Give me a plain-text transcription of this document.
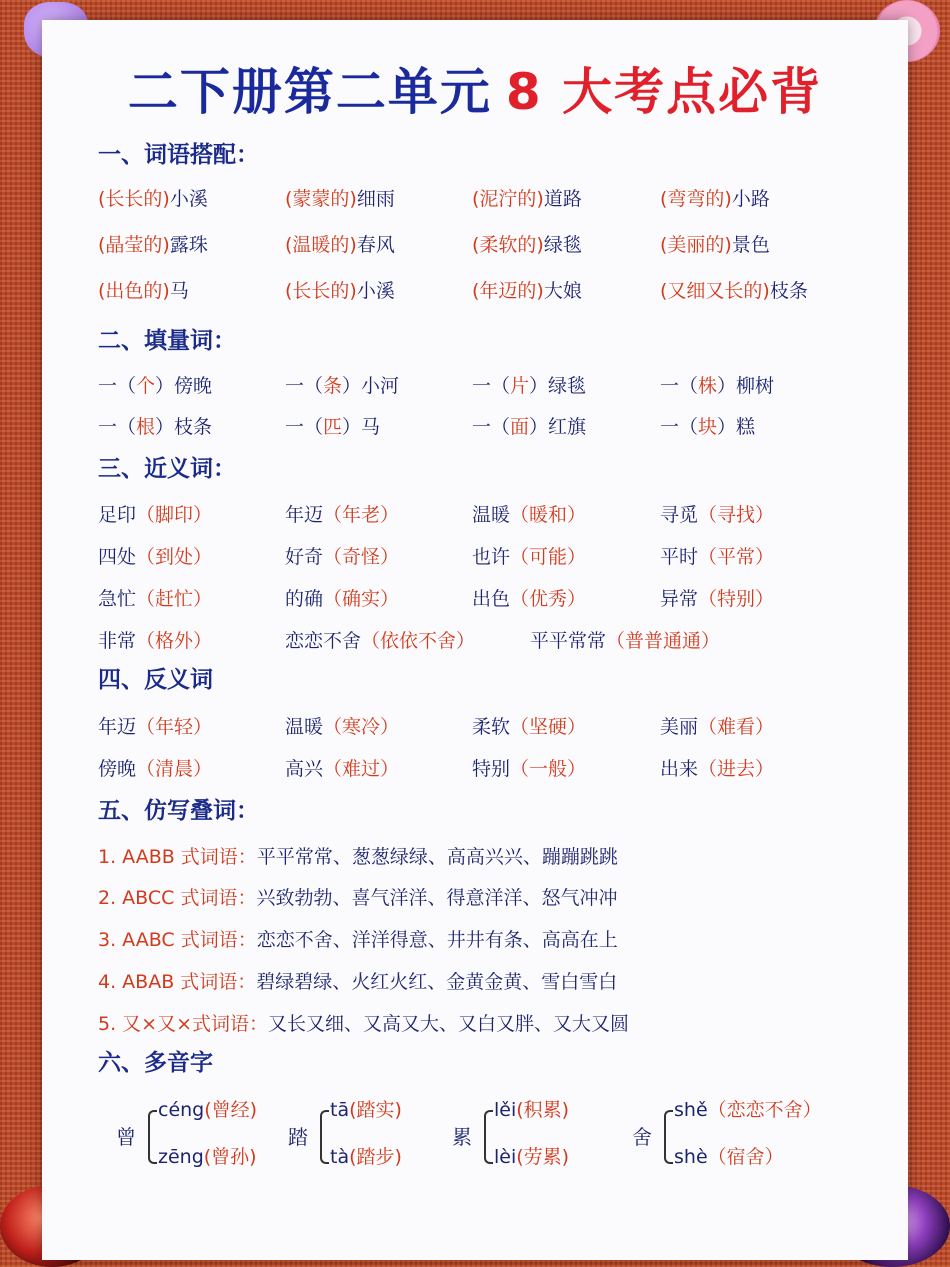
二下册第二单元 8 大考点必背
一、词语搭配：
(长长的)小溪	(蒙蒙的)细雨	(泥泞的)道路	(弯弯的)小路
(晶莹的)露珠	(温暖的)春风	(柔软的)绿毯	(美丽的)景色
(出色的)马	(长长的)小溪	(年迈的)大娘	(又细又长的)枝条
二、填量词：
一（个）傍晚	一（条）小河	一（片）绿毯	一（株）柳树
一（根）枝条	一（匹）马	一（面）红旗	一（块）糕
三、近义词：
足印（脚印）	年迈（年老）	温暖（暖和）	寻觅（寻找）
四处（到处）	好奇（奇怪）	也许（可能）	平时（平常）
急忙（赶忙）	的确（确实）	出色（优秀）	异常（特别）
非常（格外）	恋恋不舍（依依不舍）	平平常常（普普通通）
四、反义词
年迈（年轻）	温暖（寒冷）	柔软（坚硬）	美丽（难看）
傍晚（清晨）	高兴（难过）	特别（一般）	出来（进去）
五、仿写叠词：
1. AABB 式词语：平平常常、葱葱绿绿、高高兴兴、蹦蹦跳跳
2. ABCC 式词语：兴致勃勃、喜气洋洋、得意洋洋、怒气冲冲
3. AABC 式词语：恋恋不舍、洋洋得意、井井有条、高高在上
4. ABAB 式词语：碧绿碧绿、火红火红、金黄金黄、雪白雪白
5. 又×又×式词语：又长又细、又高又大、又白又胖、又大又圆
六、多音字
曾
céng(曾经)
zēng(曾孙)
踏
tā(踏实)
tà(踏步)
累
lěi(积累)
lèi(劳累)
舍
shě（恋恋不舍）
shè（宿舍）
